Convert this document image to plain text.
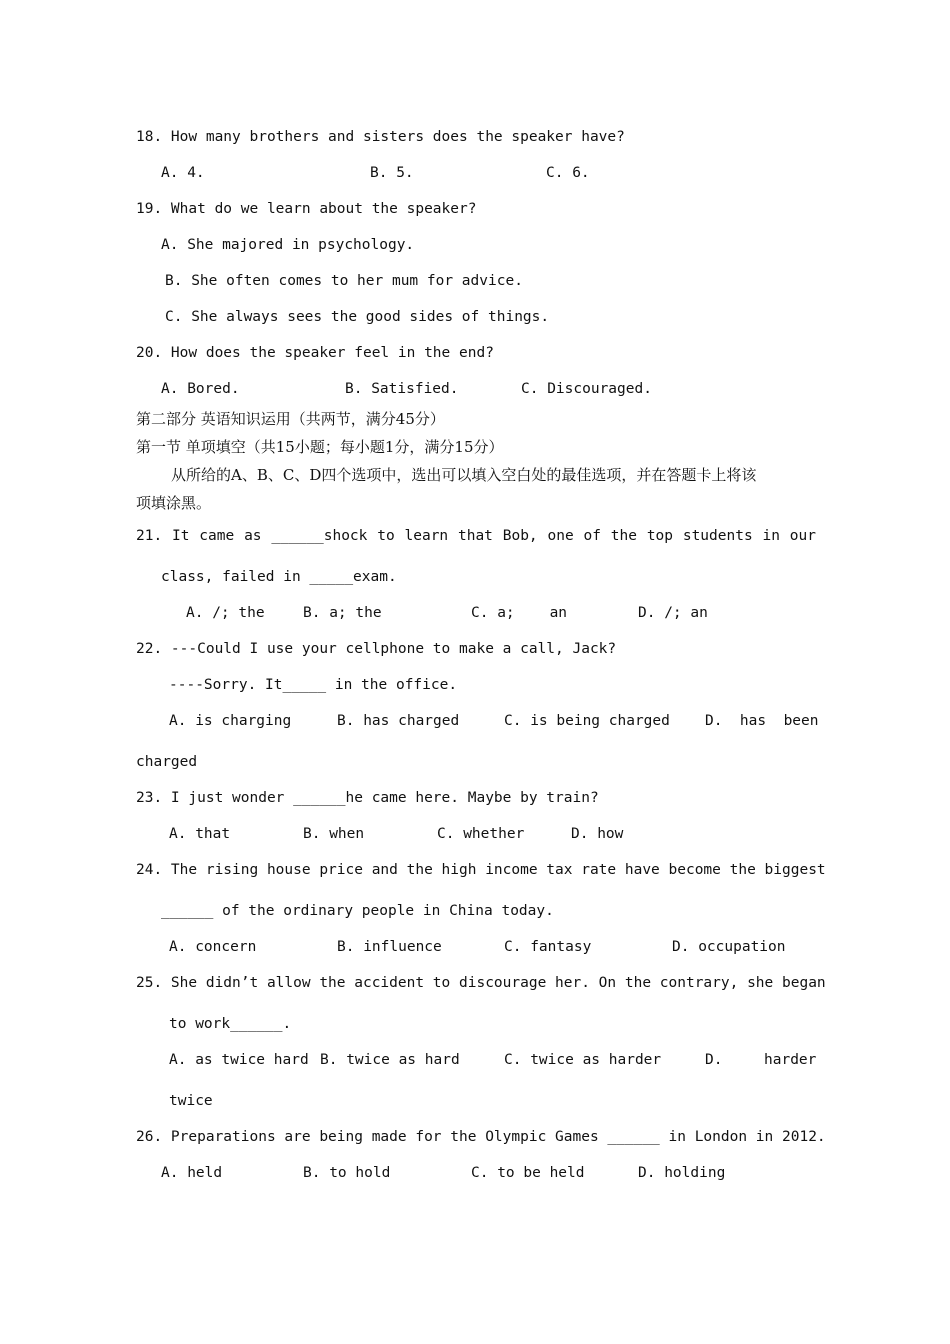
18. How many brothers and sisters does the speaker have?
A. 4.	B. 5.	C. 6.
19. What do we learn about the speaker?
A. She majored in psychology.
B. She often comes to her mum for advice.
C. She always sees the good sides of things.
20. How does the speaker feel in the end?
A. Bored.	B. Satisfied.	C. Discouraged.
第二部分 英语知识运用（共两节，满分45分）
第一节 单项填空（共15小题；每小题1分，满分15分）
从所给的A、B、C、D四个选项中，选出可以填入空白处的最佳选项，并在答题卡上将该
项填涂黑。
21. It came as ______shock to learn that Bob, one of the top students in our
class, failed in _____exam.
A. /; the	B. a; the	C. a;    an	D. /; an
22. ---Could I use your cellphone to make a call, Jack?
----Sorry. It_____ in the office.
A. is charging	B. has charged	C. is being charged D.  has  been
charged
23. I just wonder ______he came here. Maybe by train?
A. that	B. when	C. whether	D. how
24. The rising house price and the high income tax rate have become the biggest
______ of the ordinary people in China today.
A. concern	B. influence	C. fantasy	D. occupation
25. She didn’t allow the accident to discourage her. On the contrary, she began
to work______.
A. as twice hard B. twice as hard	C. twice as harder	D.	harder
twice
26. Preparations are being made for the Olympic Games ______ in London in 2012.
A. held	B. to hold	C. to be held	D. holding
